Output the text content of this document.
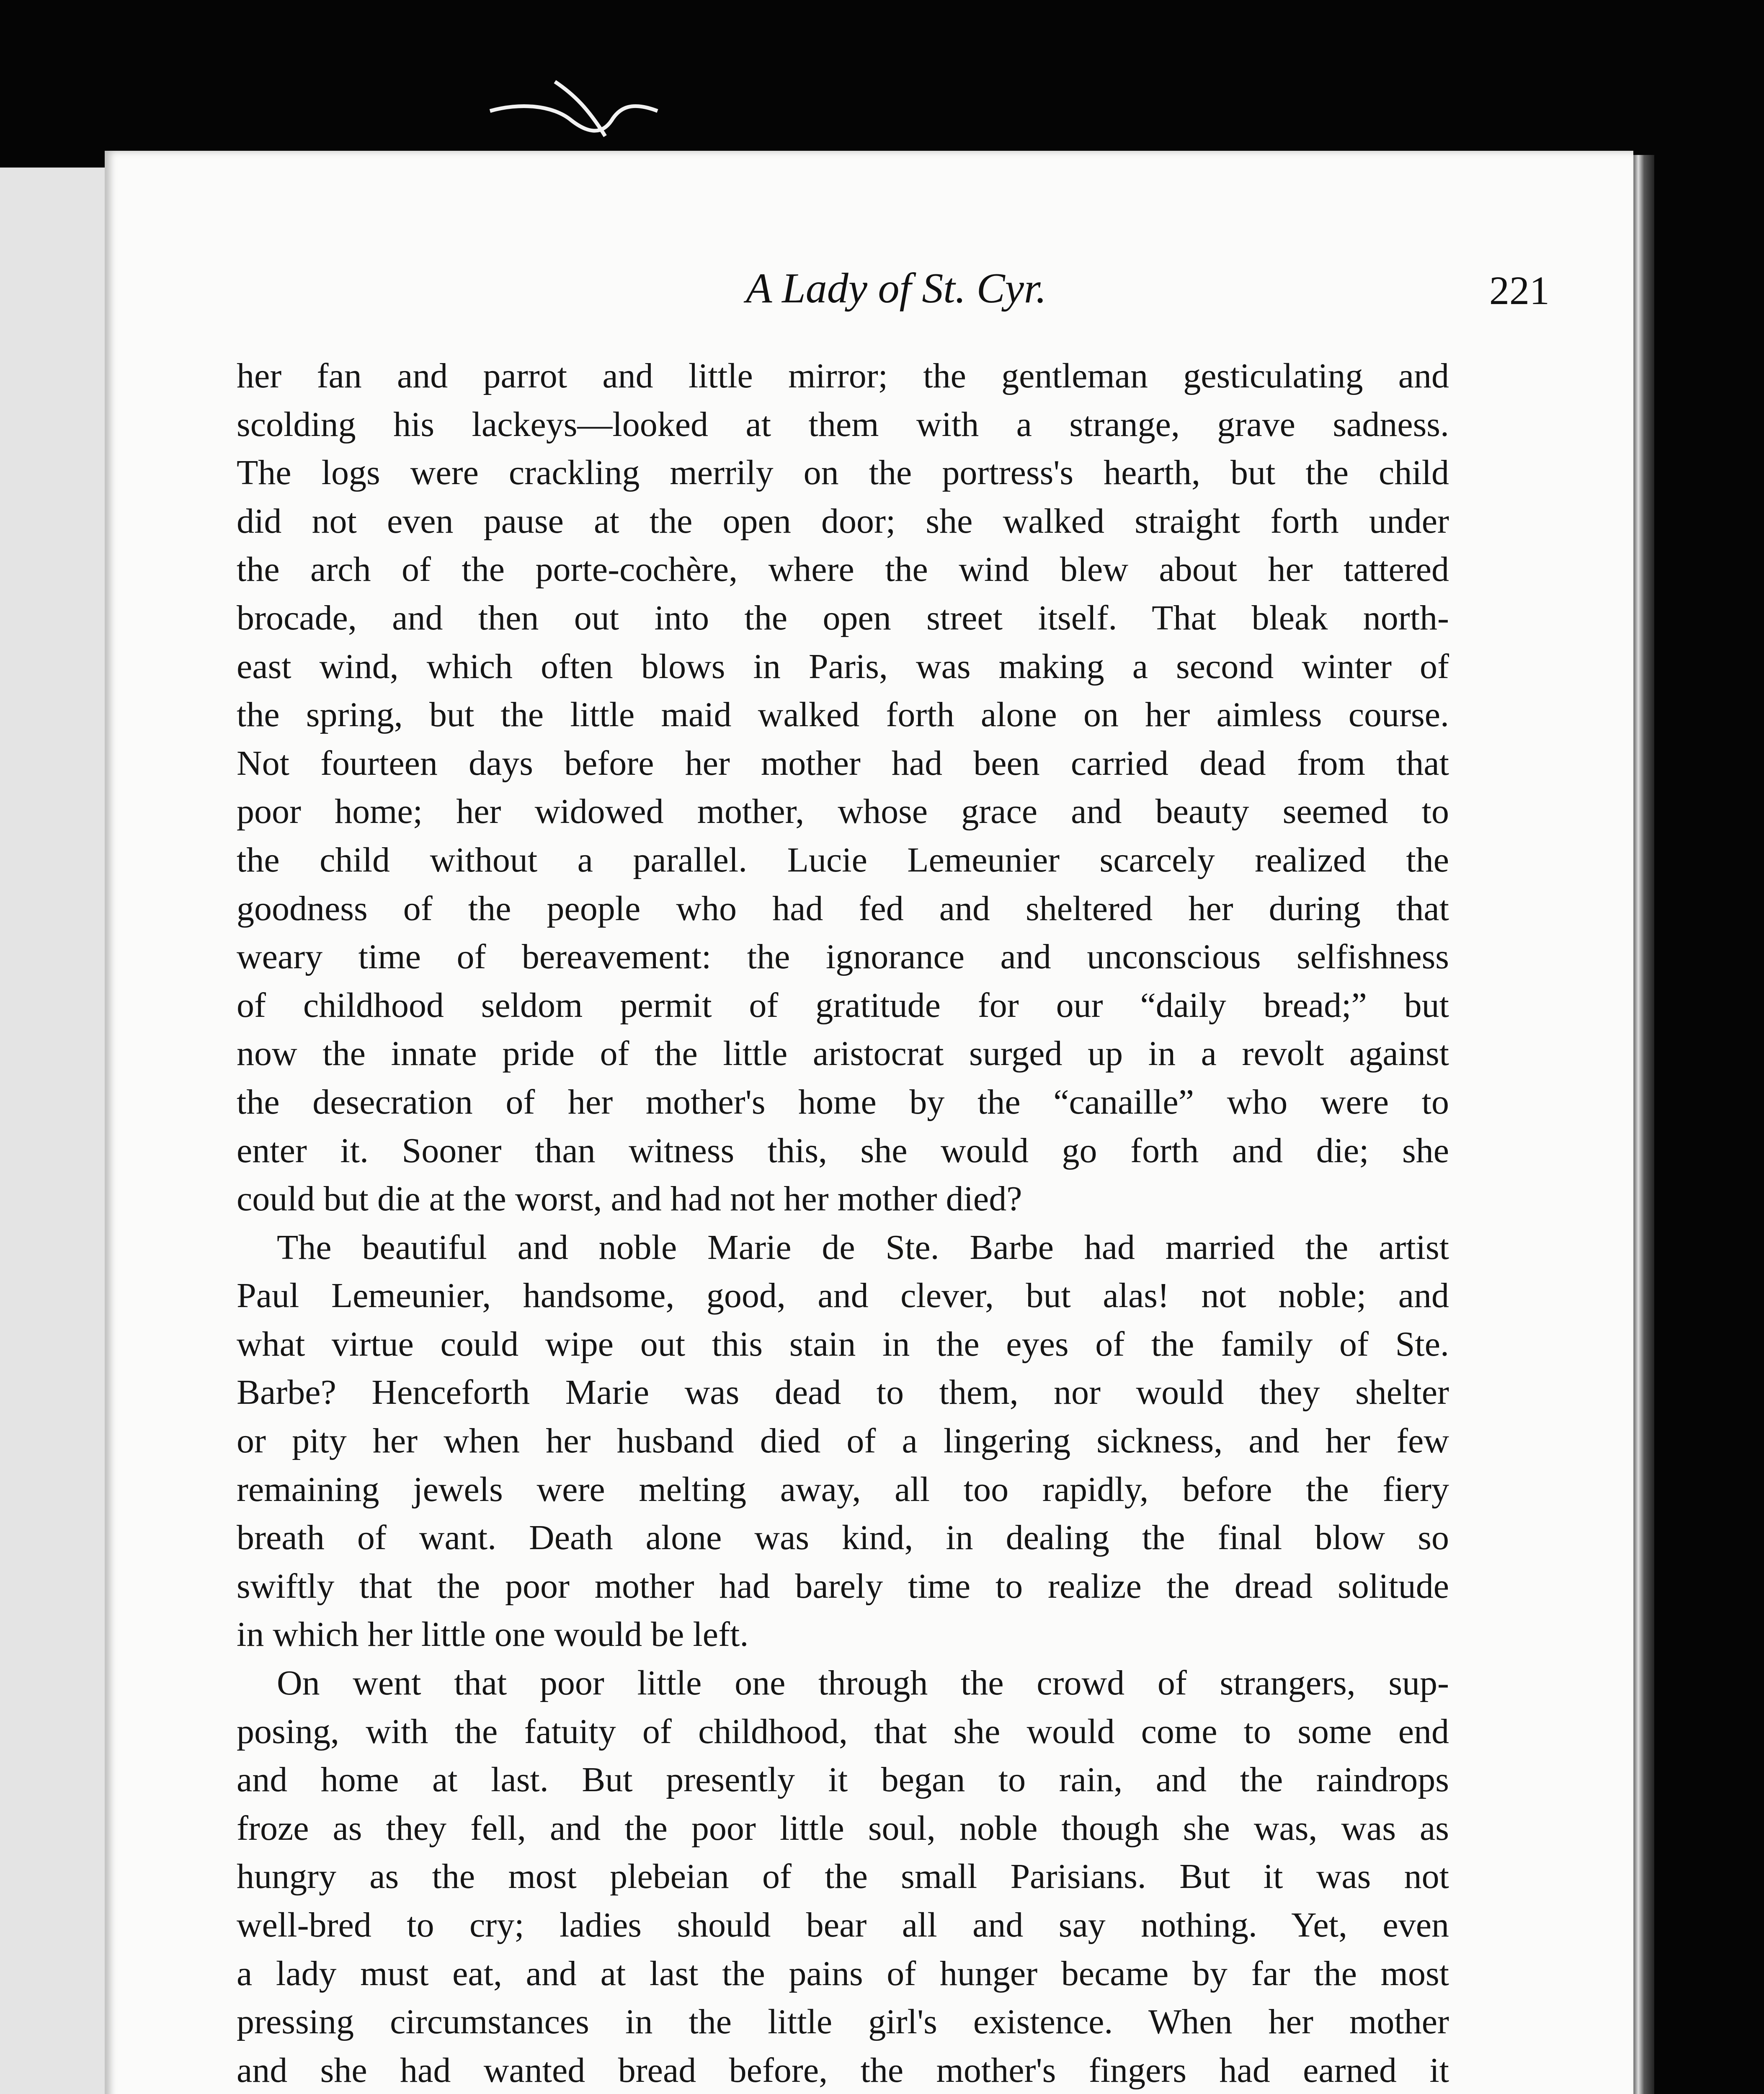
A Lady of St. Cyr.	221
her fan and parrot and little mirror; the gentleman gesticulating and
scolding his lackeys—looked at them with a strange, grave sadness.
The logs were crackling merrily on the portress's hearth, but the child
did not even pause at the open door; she walked straight forth under
the arch of the porte-cochère, where the wind blew about her tattered
brocade, and then out into the open street itself. That bleak north-
east wind, which often blows in Paris, was making a second winter of
the spring, but the little maid walked forth alone on her aimless course.
Not fourteen days before her mother had been carried dead from that
poor home; her widowed mother, whose grace and beauty seemed to
the child without a parallel. Lucie Lemeunier scarcely realized the
goodness of the people who had fed and sheltered her during that
weary time of bereavement: the ignorance and unconscious selfishness
of childhood seldom permit of gratitude for our “daily bread;” but
now the innate pride of the little aristocrat surged up in a revolt against
the desecration of her mother's home by the “canaille” who were to
enter it. Sooner than witness this, she would go forth and die; she
could but die at the worst, and had not her mother died?
The beautiful and noble Marie de Ste. Barbe had married the artist
Paul Lemeunier, handsome, good, and clever, but alas! not noble; and
what virtue could wipe out this stain in the eyes of the family of Ste.
Barbe? Henceforth Marie was dead to them, nor would they shelter
or pity her when her husband died of a lingering sickness, and her few
remaining jewels were melting away, all too rapidly, before the fiery
breath of want. Death alone was kind, in dealing the final blow so
swiftly that the poor mother had barely time to realize the dread solitude
in which her little one would be left.
On went that poor little one through the crowd of strangers, sup-
posing, with the fatuity of childhood, that she would come to some end
and home at last. But presently it began to rain, and the raindrops
froze as they fell, and the poor little soul, noble though she was, was as
hungry as the most plebeian of the small Parisians. But it was not
well-bred to cry; ladies should bear all and say nothing. Yet, even
a lady must eat, and at last the pains of hunger became by far the most
pressing circumstances in the little girl's existence. When her mother
and she had wanted bread before, the mother's fingers had earned it
